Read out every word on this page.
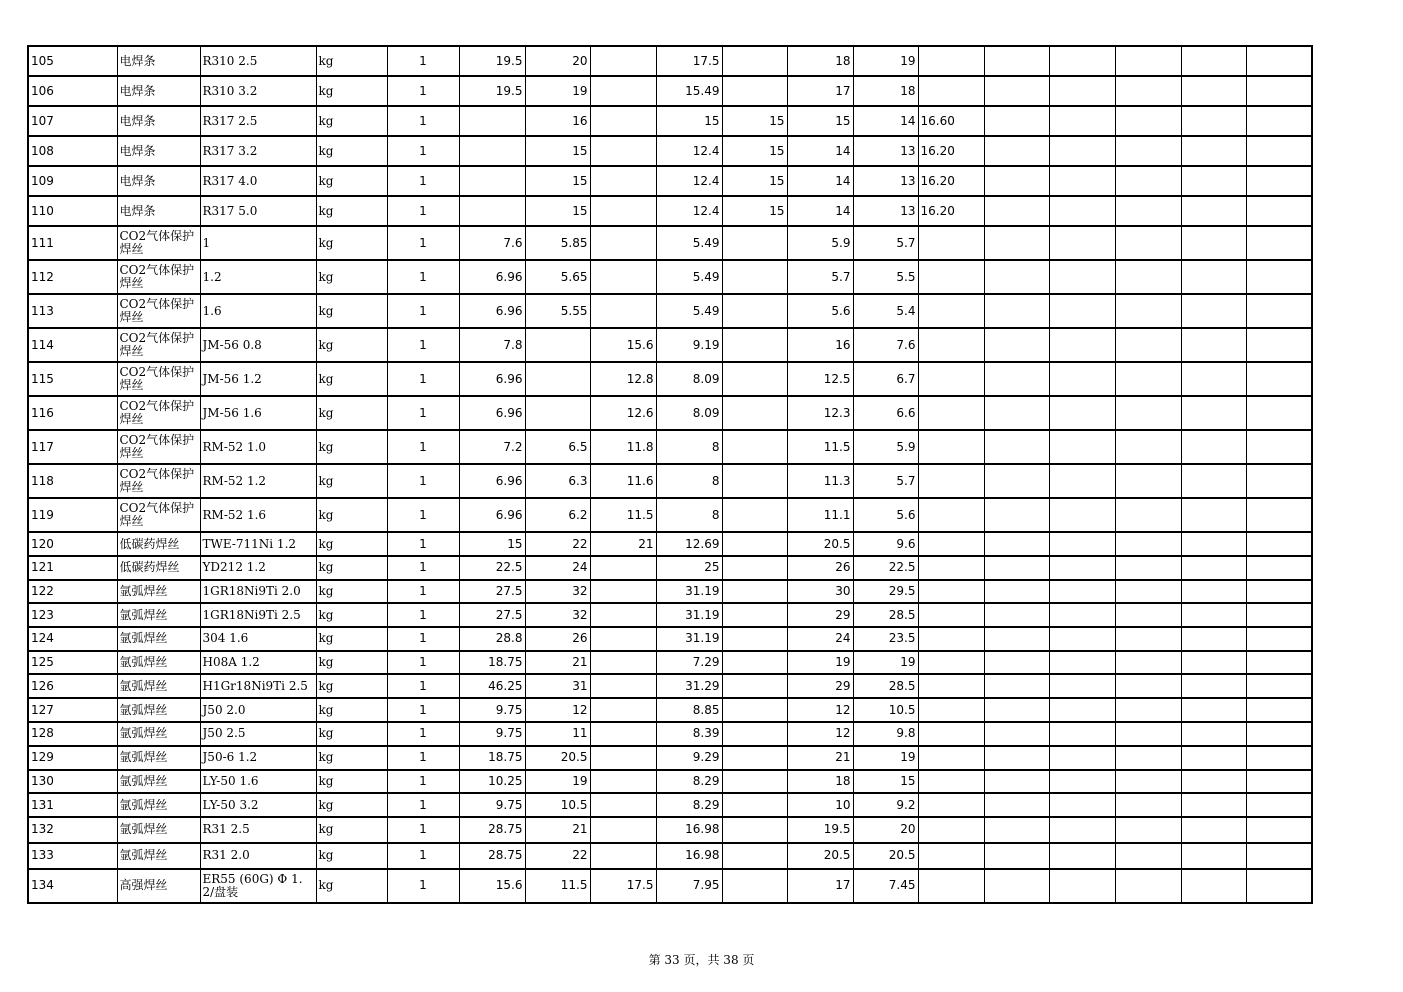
105	电焊条	R310 2.5	kg	1	19.5	20		17.5		18	19						
106	电焊条	R310 3.2	kg	1	19.5	19		15.49		17	18						
107	电焊条	R317 2.5	kg	1		16		15	15	15	14	16.60					
108	电焊条	R317 3.2	kg	1		15		12.4	15	14	13	16.20					
109	电焊条	R317 4.0	kg	1		15		12.4	15	14	13	16.20					
110	电焊条	R317 5.0	kg	1		15		12.4	15	14	13	16.20					
111	CO2气体保护焊丝	1	kg	1	7.6	5.85		5.49		5.9	5.7						
112	CO2气体保护焊丝	1.2	kg	1	6.96	5.65		5.49		5.7	5.5						
113	CO2气体保护焊丝	1.6	kg	1	6.96	5.55		5.49		5.6	5.4						
114	CO2气体保护焊丝	JM-56 0.8	kg	1	7.8		15.6	9.19		16	7.6						
115	CO2气体保护焊丝	JM-56 1.2	kg	1	6.96		12.8	8.09		12.5	6.7						
116	CO2气体保护焊丝	JM-56 1.6	kg	1	6.96		12.6	8.09		12.3	6.6						
117	CO2气体保护焊丝	RM-52 1.0	kg	1	7.2	6.5	11.8	8		11.5	5.9						
118	CO2气体保护焊丝	RM-52 1.2	kg	1	6.96	6.3	11.6	8		11.3	5.7						
119	CO2气体保护焊丝	RM-52 1.6	kg	1	6.96	6.2	11.5	8		11.1	5.6						
120	低碳药焊丝	TWE-711Ni 1.2	kg	1	15	22	21	12.69		20.5	9.6						
121	低碳药焊丝	YD212 1.2	kg	1	22.5	24		25		26	22.5						
122	氩弧焊丝	1GR18Ni9Ti 2.0	kg	1	27.5	32		31.19		30	29.5						
123	氩弧焊丝	1GR18Ni9Ti 2.5	kg	1	27.5	32		31.19		29	28.5						
124	氩弧焊丝	304 1.6	kg	1	28.8	26		31.19		24	23.5						
125	氩弧焊丝	H08A 1.2	kg	1	18.75	21		7.29		19	19						
126	氩弧焊丝	H1Gr18Ni9Ti 2.5	kg	1	46.25	31		31.29		29	28.5						
127	氩弧焊丝	J50 2.0	kg	1	9.75	12		8.85		12	10.5						
128	氩弧焊丝	J50 2.5	kg	1	9.75	11		8.39		12	9.8						
129	氩弧焊丝	J50-6 1.2	kg	1	18.75	20.5		9.29		21	19						
130	氩弧焊丝	LY-50 1.6	kg	1	10.25	19		8.29		18	15						
131	氩弧焊丝	LY-50 3.2	kg	1	9.75	10.5		8.29		10	9.2						
132	氩弧焊丝	R31 2.5	kg	1	28.75	21		16.98		19.5	20						
133	氩弧焊丝	R31 2.0	kg	1	28.75	22		16.98		20.5	20.5						
134	高强焊丝	ER55 (60G) Φ 1.2/盘装	kg	1	15.6	11.5	17.5	7.95		17	7.45						
第 33 页，共 38 页
